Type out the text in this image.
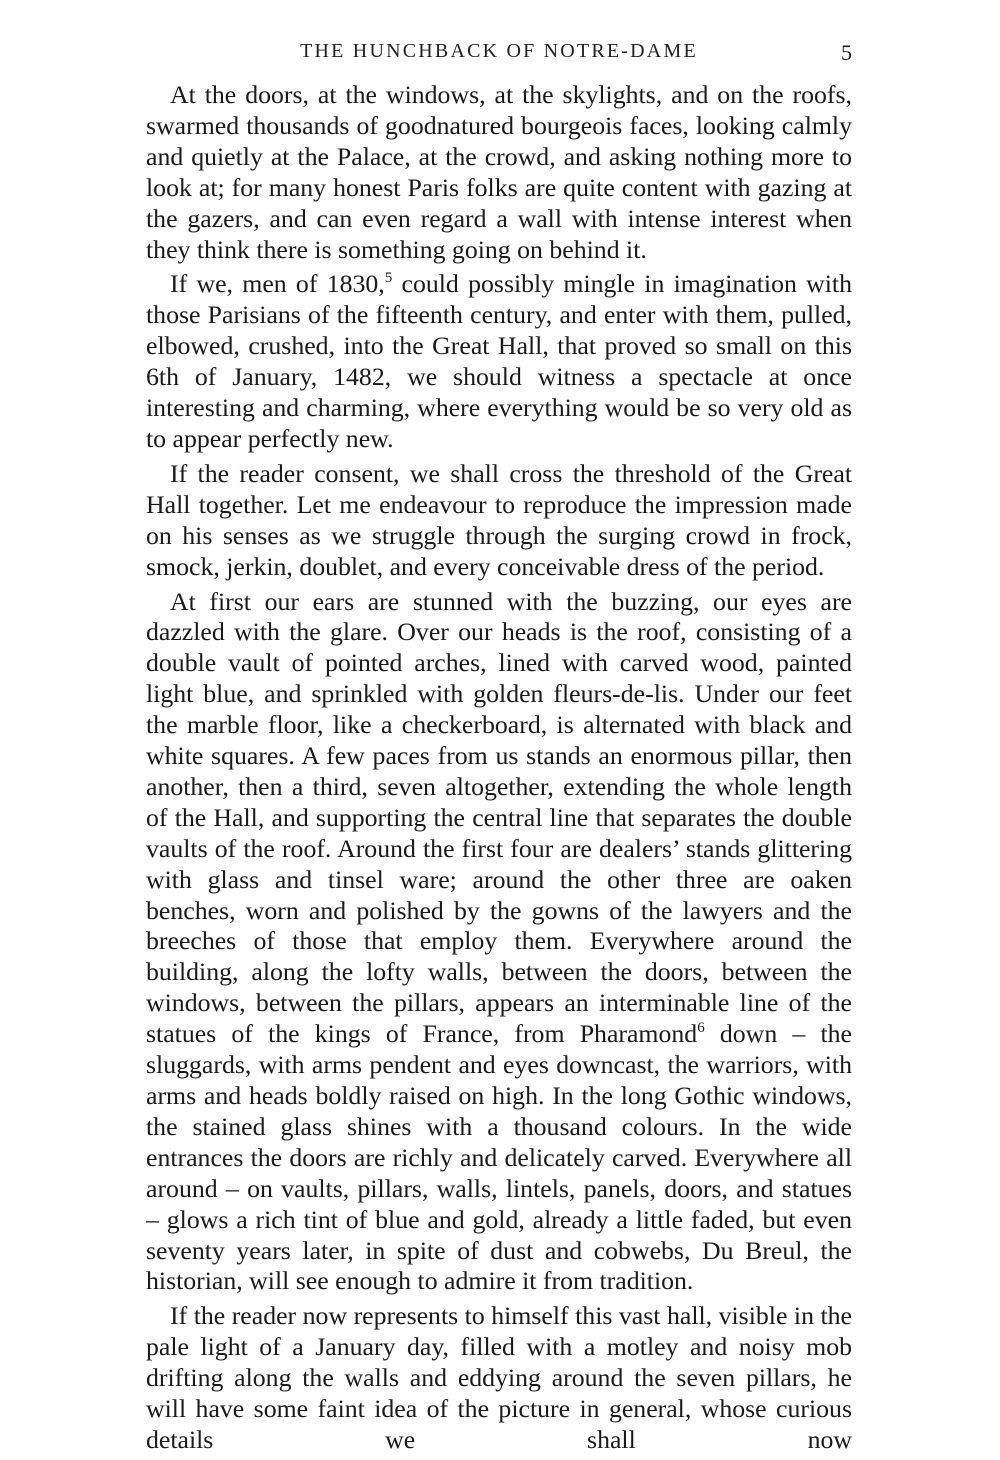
THE HUNCHBACK OF NOTRE-DAME	5

At the doors, at the windows, at the skylights, and on the roofs, swarmed thousands of goodnatured bourgeois faces, looking calmly and quietly at the Palace, at the crowd, and asking nothing more to look at; for many honest Paris folks are quite content with gazing at the gazers, and can even regard a wall with intense interest when they think there is something going on behind it.

If we, men of 1830,$^5$ could possibly mingle in imagination with those Parisians of the fifteenth century, and enter with them, pulled, elbowed, crushed, into the Great Hall, that proved so small on this 6th of January, 1482, we should witness a spectacle at once interesting and charming, where everything would be so very old as to appear perfectly new.

If the reader consent, we shall cross the threshold of the Great Hall together. Let me endeavour to reproduce the impression made on his senses as we struggle through the surging crowd in frock, smock, jerkin, doublet, and every conceivable dress of the period.

At first our ears are stunned with the buzzing, our eyes are dazzled with the glare. Over our heads is the roof, consisting of a double vault of pointed arches, lined with carved wood, painted light blue, and sprinkled with golden fleurs-de-lis. Under our feet the marble floor, like a checkerboard, is alternated with black and white squares. A few paces from us stands an enormous pillar, then another, then a third, seven altogether, extending the whole length of the Hall, and supporting the central line that separates the double vaults of the roof. Around the first four are dealers’ stands glittering with glass and tinsel ware; around the other three are oaken benches, worn and polished by the gowns of the lawyers and the breeches of those that employ them. Everywhere around the building, along the lofty walls, between the doors, between the windows, between the pillars, appears an interminable line of the statues of the kings of France, from Pharamond$^6$ down – the sluggards, with arms pendent and eyes downcast, the warriors, with arms and heads boldly raised on high. In the long Gothic windows, the stained glass shines with a thousand colours. In the wide entrances the doors are richly and delicately carved. Everywhere all around – on vaults, pillars, walls, lintels, panels, doors, and statues – glows a rich tint of blue and gold, already a little faded, but even seventy years later, in spite of dust and cobwebs, Du Breul, the historian, will see enough to admire it from tradition.

If the reader now represents to himself this vast hall, visible in the pale light of a January day, filled with a motley and noisy mob drifting along the walls and eddying around the seven pillars, he will have some faint idea of the picture in general, whose curious details we shall now
